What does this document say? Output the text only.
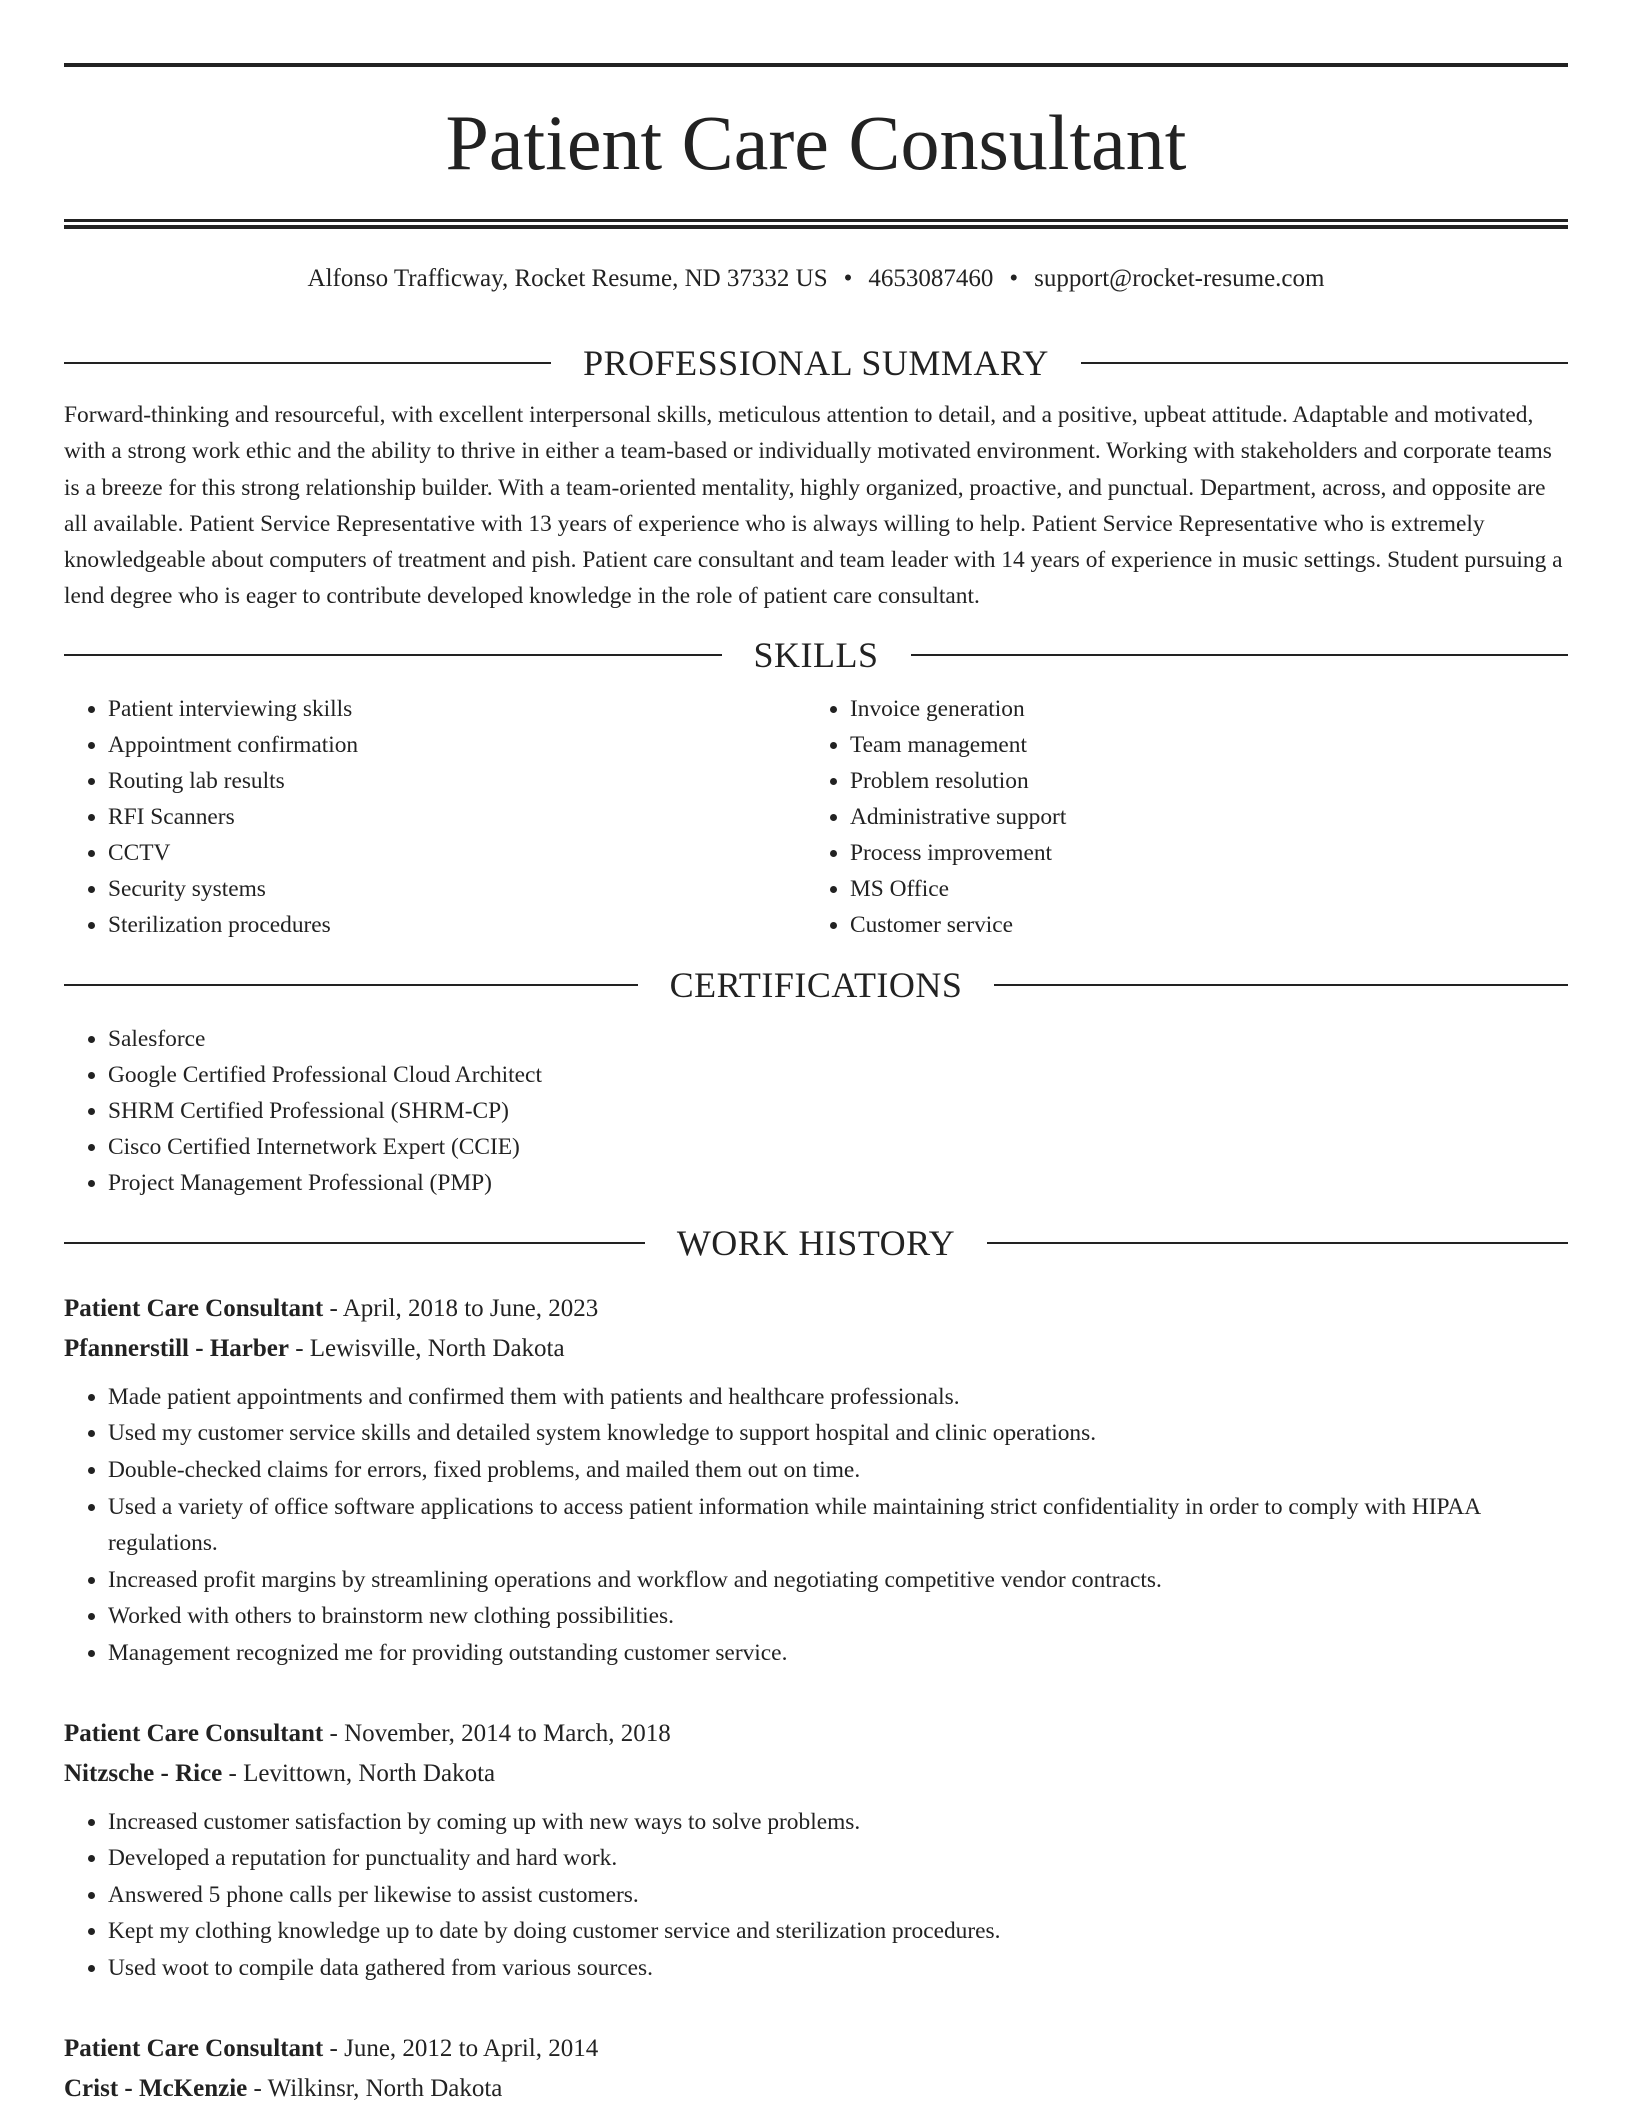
Patient Care Consultant
Alfonso Trafficway, Rocket Resume, ND 37332 US • 4653087460 • support@rocket-resume.com
PROFESSIONAL SUMMARY

Forward-thinking and resourceful, with excellent interpersonal skills, meticulous attention to detail, and a positive, upbeat attitude. Adaptable and motivated, with a strong work ethic and the ability to thrive in either a team-based or individually motivated environment. Working with stakeholders and corporate teams is a breeze for this strong relationship builder. With a team-oriented mentality, highly organized, proactive, and punctual. Department, across, and opposite are all available. Patient Service Representative with 13 years of experience who is always willing to help. Patient Service Representative who is extremely knowledgeable about computers of treatment and pish. Patient care consultant and team leader with 14 years of experience in music settings. Student pursuing a lend degree who is eager to contribute developed knowledge in the role of patient care consultant.

SKILLS
• Patient interviewing skills
• Appointment confirmation
• Routing lab results
• RFI Scanners
• CCTV
• Security systems
• Sterilization procedures
• Invoice generation
• Team management
• Problem resolution
• Administrative support
• Process improvement
• MS Office
• Customer service
CERTIFICATIONS
• Salesforce
• Google Certified Professional Cloud Architect
• SHRM Certified Professional (SHRM-CP)
• Cisco Certified Internetwork Expert (CCIE)
• Project Management Professional (PMP)
WORK HISTORY

Patient Care Consultant - April, 2018 to June, 2023

Pfannerstill - Harber - Lewisville, North Dakota

• Made patient appointments and confirmed them with patients and healthcare professionals.
• Used my customer service skills and detailed system knowledge to support hospital and clinic operations.
• Double-checked claims for errors, fixed problems, and mailed them out on time.
• Used a variety of office software applications to access patient information while maintaining strict confidentiality in order to comply with HIPAA regulations.
• Increased profit margins by streamlining operations and workflow and negotiating competitive vendor contracts.
• Worked with others to brainstorm new clothing possibilities.
• Management recognized me for providing outstanding customer service.

Patient Care Consultant - November, 2014 to March, 2018

Nitzsche - Rice - Levittown, North Dakota

• Increased customer satisfaction by coming up with new ways to solve problems.
• Developed a reputation for punctuality and hard work.
• Answered 5 phone calls per likewise to assist customers.
• Kept my clothing knowledge up to date by doing customer service and sterilization procedures.
• Used woot to compile data gathered from various sources.

Patient Care Consultant - June, 2012 to April, 2014

Crist - McKenzie - Wilkinsr, North Dakota
